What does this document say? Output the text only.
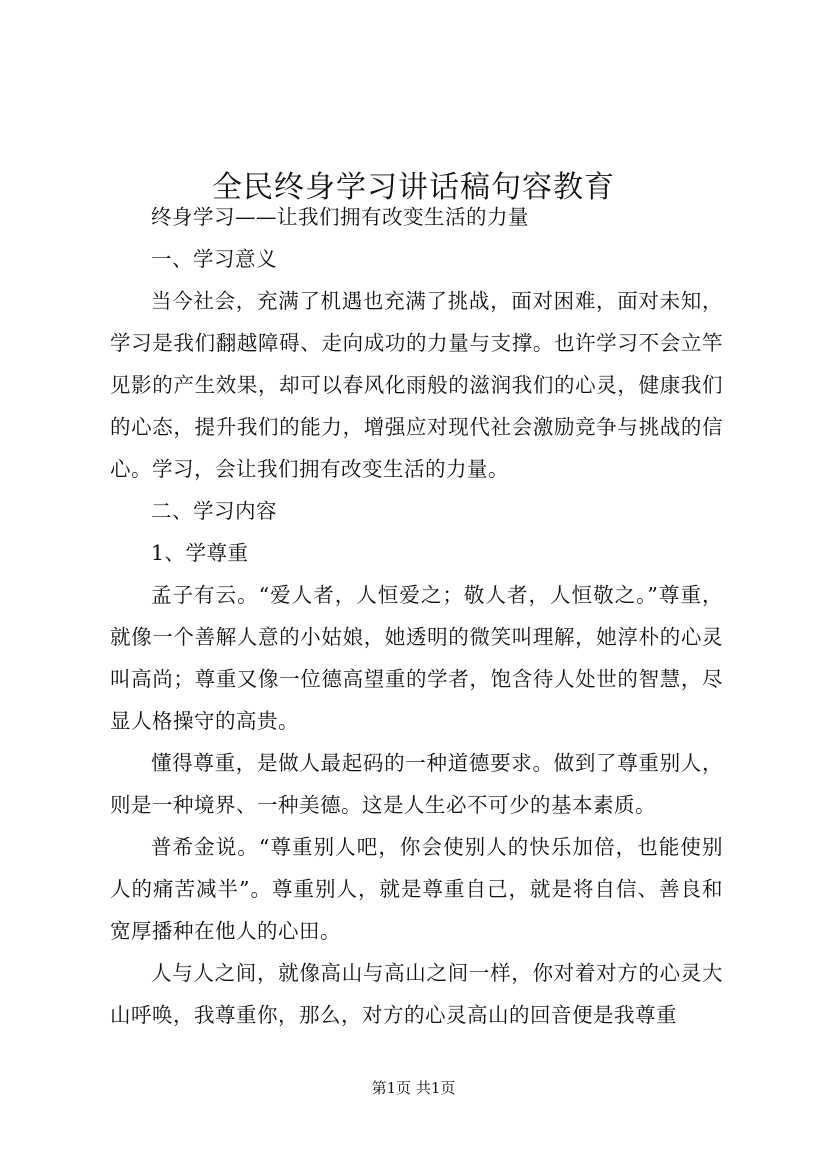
全民终身学习讲话稿句容教育

终身学习——让我们拥有改变生活的力量

一、学习意义

当今社会，充满了机遇也充满了挑战，面对困难，面对未知，学习是我们翻越障碍、走向成功的力量与支撑。也许学习不会立竿见影的产生效果，却可以春风化雨般的滋润我们的心灵，健康我们的心态，提升我们的能力，增强应对现代社会激励竞争与挑战的信心。学习，会让我们拥有改变生活的力量。

二、学习内容

1、学尊重

孟子有云。“爱人者，人恒爱之；敬人者，人恒敬之。”尊重，就像一个善解人意的小姑娘，她透明的微笑叫理解，她淳朴的心灵叫高尚；尊重又像一位德高望重的学者，饱含待人处世的智慧，尽显人格操守的高贵。

懂得尊重，是做人最起码的一种道德要求。做到了尊重别人，则是一种境界、一种美德。这是人生必不可少的基本素质。

普希金说。“尊重别人吧，你会使别人的快乐加倍，也能使别人的痛苦减半”。尊重别人，就是尊重自己，就是将自信、善良和宽厚播种在他人的心田。

人与人之间，就像高山与高山之间一样，你对着对方的心灵大山呼唤，我尊重你，那么，对方的心灵高山的回音便是我尊重

第1页 共1页
